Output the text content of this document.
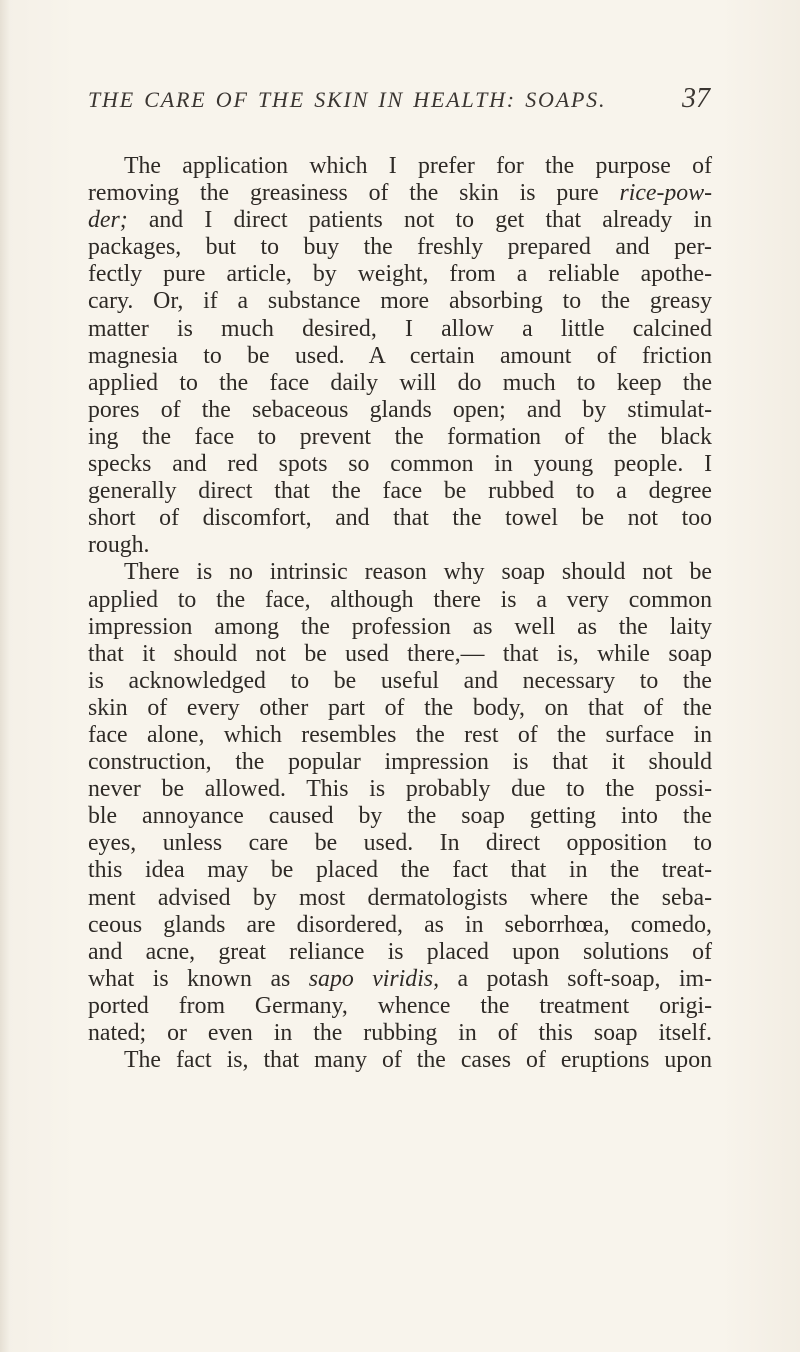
THE CARE OF THE SKIN IN HEALTH: SOAPS.	37
The application which I prefer for the purpose of
removing the greasiness of the skin is pure rice-pow-
der; and I direct patients not to get that already in
packages, but to buy the freshly prepared and per-
fectly pure article, by weight, from a reliable apothe-
cary. Or, if a substance more absorbing to the greasy
matter is much desired, I allow a little calcined
magnesia to be used. A certain amount of friction
applied to the face daily will do much to keep the
pores of the sebaceous glands open; and by stimulat-
ing the face to prevent the formation of the black
specks and red spots so common in young people. I
generally direct that the face be rubbed to a degree
short of discomfort, and that the towel be not too
rough.
There is no intrinsic reason why soap should not be
applied to the face, although there is a very common
impression among the profession as well as the laity
that it should not be used there,— that is, while soap
is acknowledged to be useful and necessary to the
skin of every other part of the body, on that of the
face alone, which resembles the rest of the surface in
construction, the popular impression is that it should
never be allowed. This is probably due to the possi-
ble annoyance caused by the soap getting into the
eyes, unless care be used. In direct opposition to
this idea may be placed the fact that in the treat-
ment advised by most dermatologists where the seba-
ceous glands are disordered, as in seborrhœa, comedo,
and acne, great reliance is placed upon solutions of
what is known as sapo viridis, a potash soft-soap, im-
ported from Germany, whence the treatment origi-
nated; or even in the rubbing in of this soap itself.
The fact is, that many of the cases of eruptions upon
